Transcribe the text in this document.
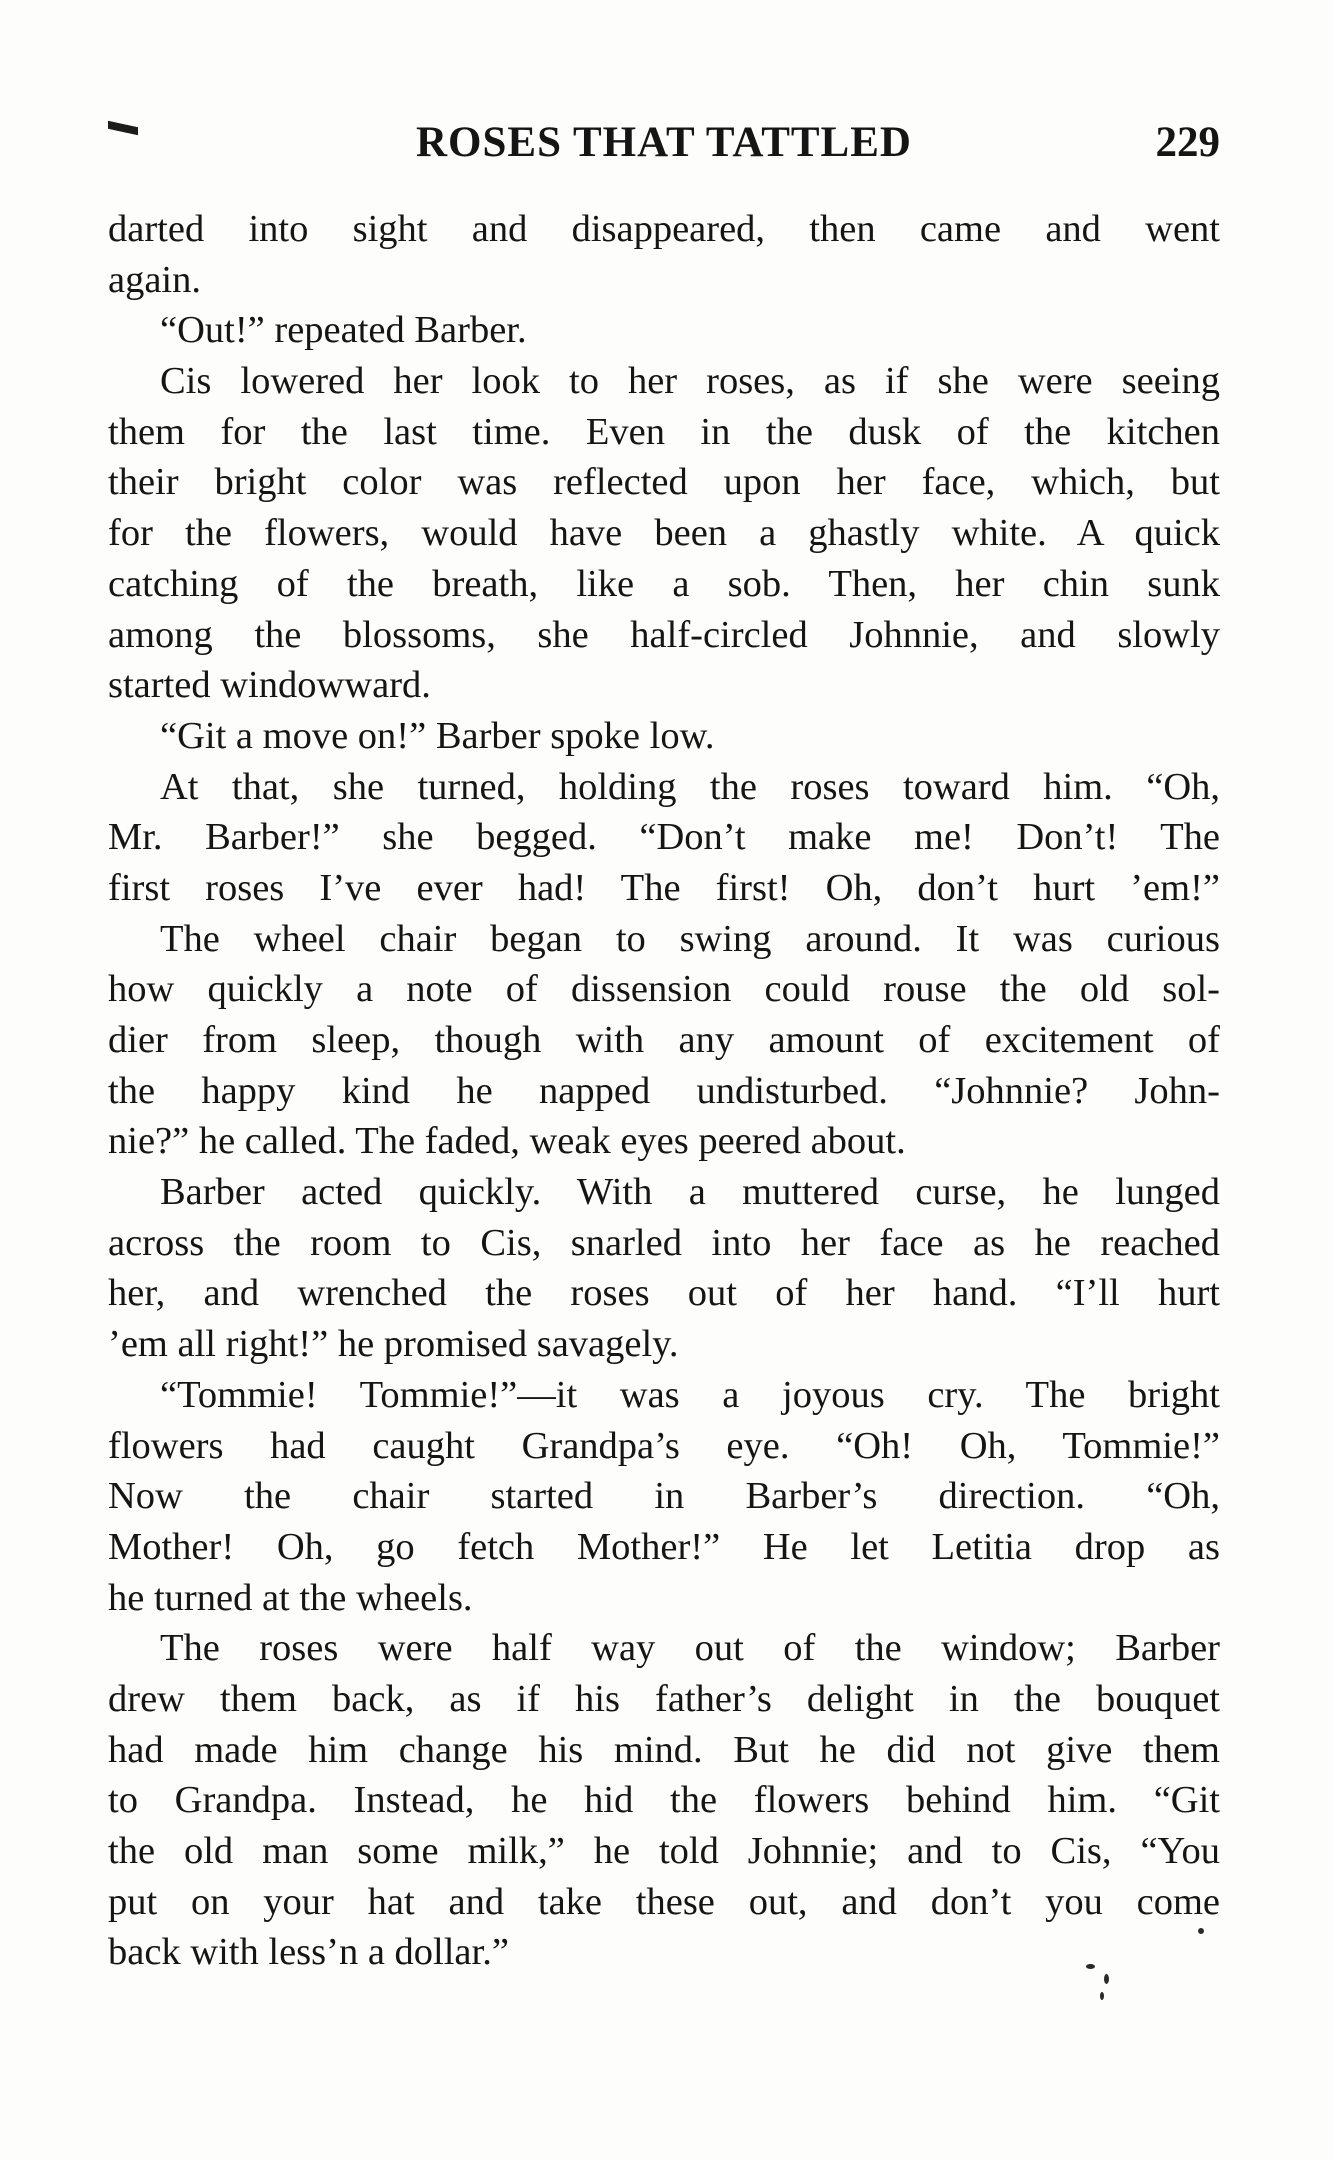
ROSES THAT TATTLED	229
darted into sight and disappeared, then came and went
again.
“Out!” repeated Barber.
Cis lowered her look to her roses, as if she were seeing
them for the last time. Even in the dusk of the kitchen
their bright color was reflected upon her face, which, but
for the flowers, would have been a ghastly white. A quick
catching of the breath, like a sob. Then, her chin sunk
among the blossoms, she half-circled Johnnie, and slowly
started windowward.
“Git a move on!” Barber spoke low.
At that, she turned, holding the roses toward him. “Oh,
Mr. Barber!” she begged. “Don’t make me! Don’t! The
first roses I’ve ever had! The first! Oh, don’t hurt ’em!”
The wheel chair began to swing around. It was curious
how quickly a note of dissension could rouse the old sol-
dier from sleep, though with any amount of excitement of
the happy kind he napped undisturbed. “Johnnie? John-
nie?” he called. The faded, weak eyes peered about.
Barber acted quickly. With a muttered curse, he lunged
across the room to Cis, snarled into her face as he reached
her, and wrenched the roses out of her hand. “I’ll hurt
’em all right!” he promised savagely.
“Tommie! Tommie!”—it was a joyous cry. The bright
flowers had caught Grandpa’s eye. “Oh! Oh, Tommie!”
Now the chair started in Barber’s direction. “Oh,
Mother! Oh, go fetch Mother!” He let Letitia drop as
he turned at the wheels.
The roses were half way out of the window; Barber
drew them back, as if his father’s delight in the bouquet
had made him change his mind. But he did not give them
to Grandpa. Instead, he hid the flowers behind him. “Git
the old man some milk,” he told Johnnie; and to Cis, “You
put on your hat and take these out, and don’t you come
back with less’n a dollar.”
